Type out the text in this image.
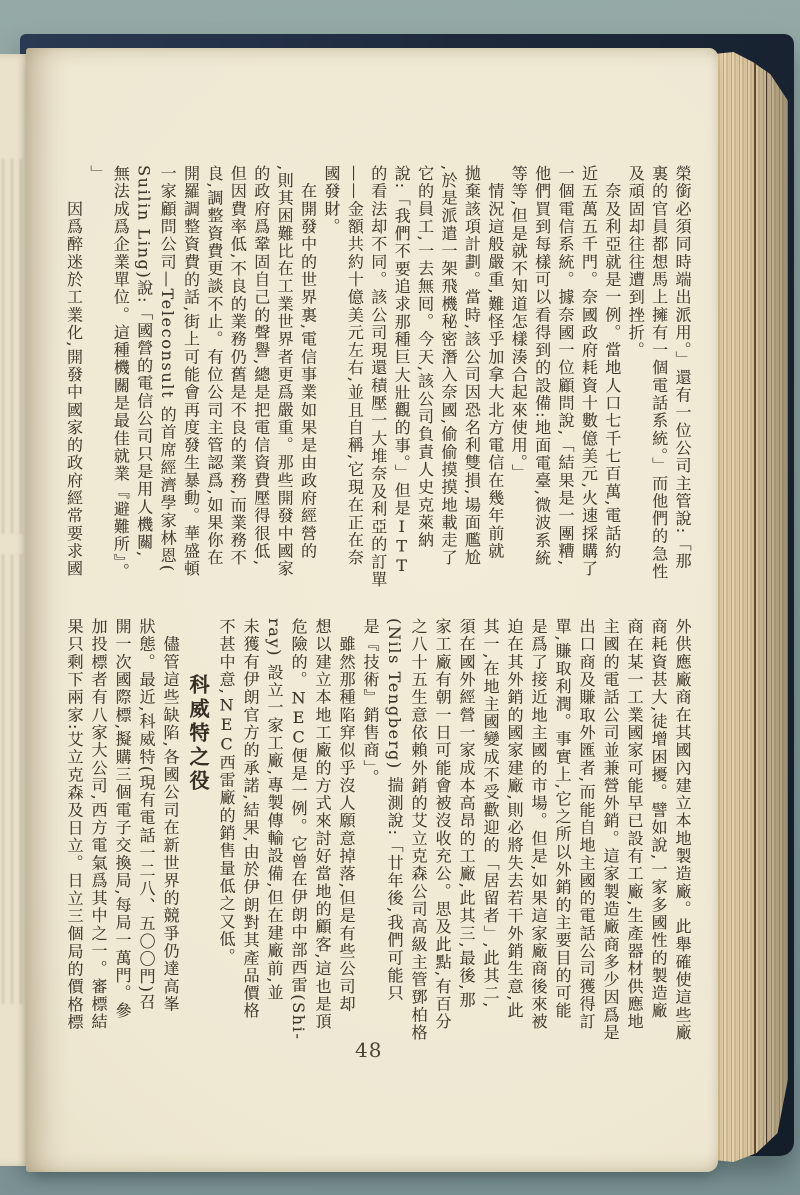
榮銜必須同時端出派用。」還有一位公司主管說:「那
裏的官員都想馬上擁有一個電話系統。」而他們的急性
及頑固却往往遭到挫折。
　奈及利亞就是一例。當地人口七千七百萬,電話約
近五萬五千門。奈國政府耗資十數億美元,火速採購了
一個電信系統。據奈國一位顧問說,「結果是一團糟,
他們買到每樣可以看得到的設備:地面電臺,微波系統
等等,但是就不知道怎樣湊合起來使用。」
　情況這般嚴重,難怪乎加拿大北方電信在幾年前就
拋棄該項計劃。當時,該公司因恐名利雙損,場面尶尬
,於是派遣一架飛機秘密潛入奈國,偷偷摸摸地載走了
它的員工,一去無囘。今天,該公司負責人史克萊納
說:「我們不要追求那種巨大壯觀的事。」但是ITT
的看法却不同。該公司現還積壓一大堆奈及利亞的訂單
——金額共約十億美元左右,並且自稱,它現在正在奈
國發財。
　在開發中的世界裏,電信事業如果是由政府經營的
,則其困難比在工業世界者更爲嚴重。那些開發中國家
的政府爲鞏固自己的聲譽,總是把電信資費壓得很低,
但因費率低,不良的業務仍舊是不良的業務,而業務不
良,調整資費更談不止。有位公司主管認爲,如果你在
開羅調整資費的話,街上可能會再度發生暴動。華盛頓
一家顧問公司—Teleconsult 的首席經濟學家林恩(
Suilin Ling)說:「國營的電信公司只是用人機關,
無法成爲企業單位。這種機關是最佳就業『避難所』。
」
　　因爲醉迷於工業化,開發中國家的政府經常要求國
外供應廠商在其國內建立本地製造廠。此舉確使這些廠
商耗資甚大,徒增困擾。譬如說,一家多國性的製造廠
商在某一工業國家可能早已設有工廠,生產器材供應地
主國的電話公司並兼營外銷。這家製造廠商多少因爲是
出口商及賺取外匯者,而能自地主國的電話公司獲得訂
單,賺取利潤。事實上,它之所以外銷的主要目的可能
是爲了接近地主國的市場。但是,如果這家廠商後來被
迫在其外銷的國家建廠,則必將失去若干外銷生意,此
其一,在地主國變成不受歡迎的「居留者」,此其二,
須在國外經營一家成本高昂的工廠,此其三,最後,那
家工廠有朝一日可能會被沒收充公。思及此點,有百分
之八十五生意依賴外銷的艾立克森公司高級主管鄧柏格
(Nils Tengberg) 揣測說:「廿年後,我們可能只
是『技術』銷售商」。
　雖然那種陷穽似乎沒人願意掉落,但是有些公司却
想以建立本地工廠的方式來討好當地的顧客,這也是頂
危險的。NEC便是一例。它曾在伊朗中部西雷(Shi-
ray) 設立一家工廠,專製傳輸設備,但在建廠前,並
未獲有伊朗官方的承諾,結果,由於伊朗對其產品價格
不甚中意,NEC西雷廠的銷售量低之又低。
科威特之役
　儘管這些缺陷,各國公司在新世界的競爭仍達高峯
狀態。最近,科威特(現有電話一二八、五〇〇門)召
開一次國際標,擬購三個電子交換局,每局一萬門。參
加投標者有八家大公司,西方電氣爲其中之一。審標結
果只剩下兩家:艾立克森及日立。日立三個局的價格標
48
